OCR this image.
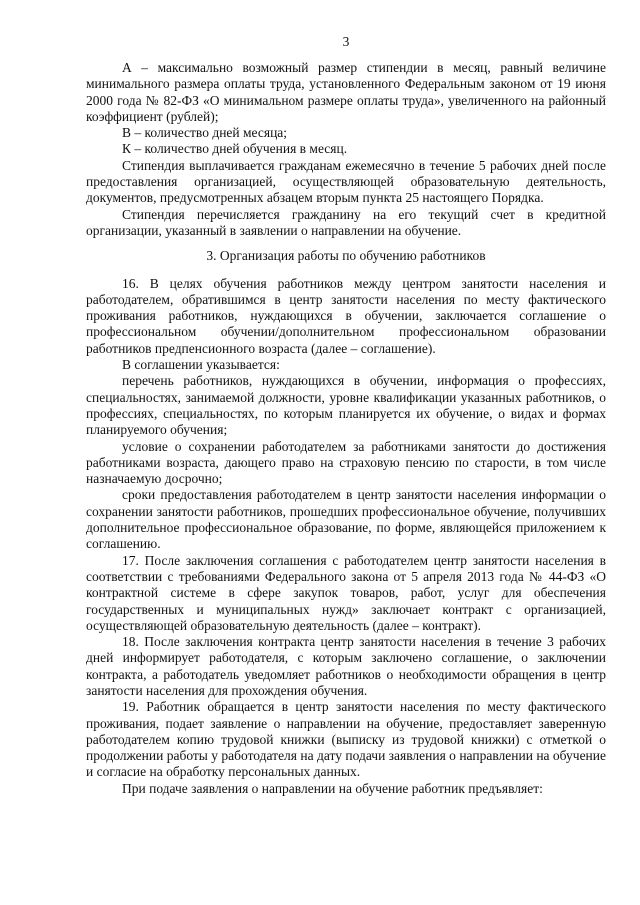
3

А – максимально возможный размер стипендии в месяц, равный величине минимального размера оплаты труда, установленного Федеральным законом от 19 июня 2000 года № 82-ФЗ «О минимальном размере оплаты труда», увеличенного на районный коэффициент (рублей);

В – количество дней месяца;

К – количество дней обучения в месяц.

Стипендия выплачивается гражданам ежемесячно в течение 5 рабочих дней после предоставления организацией, осуществляющей образовательную деятельность, документов, предусмотренных абзацем вторым пункта 25 настоящего Порядка.

Стипендия перечисляется гражданину на его текущий счет в кредитной организации, указанный в заявлении о направлении на обучение.

3. Организация работы по обучению работников

16. В целях обучения работников между центром занятости населения и работодателем, обратившимся в центр занятости населения по месту фактического проживания работников, нуждающихся в обучении, заключается соглашение о профессиональном обучении/дополнительном профессиональном образовании работников предпенсионного возраста (далее – соглашение).

В соглашении указывается:

перечень работников, нуждающихся в обучении, информация о профессиях, специальностях, занимаемой должности, уровне квалификации указанных работников, о профессиях, специальностях, по которым планируется их обучение, о видах и формах планируемого обучения;

условие о сохранении работодателем за работниками занятости до достижения работниками возраста, дающего право на страховую пенсию по старости, в том числе назначаемую досрочно;

сроки предоставления работодателем в центр занятости населения информации о сохранении занятости работников, прошедших профессиональное обучение, получивших дополнительное профессиональное образование, по форме, являющейся приложением к соглашению.

17. После заключения соглашения с работодателем центр занятости населения в соответствии с требованиями Федерального закона от 5 апреля 2013 года № 44-ФЗ «О контрактной системе в сфере закупок товаров, работ, услуг для обеспечения государственных и муниципальных нужд» заключает контракт с организацией, осуществляющей образовательную деятельность (далее – контракт).

18. После заключения контракта центр занятости населения в течение 3 рабочих дней информирует работодателя, с которым заключено соглашение, о заключении контракта, а работодатель уведомляет работников о необходимости обращения в центр занятости населения для прохождения обучения.

19. Работник обращается в центр занятости населения по месту фактического проживания, подает заявление о направлении на обучение, предоставляет заверенную работодателем копию трудовой книжки (выписку из трудовой книжки) с отметкой о продолжении работы у работодателя на дату подачи заявления о направлении на обучение и согласие на обработку персональных данных.

При подаче заявления о направлении на обучение работник предъявляет:
